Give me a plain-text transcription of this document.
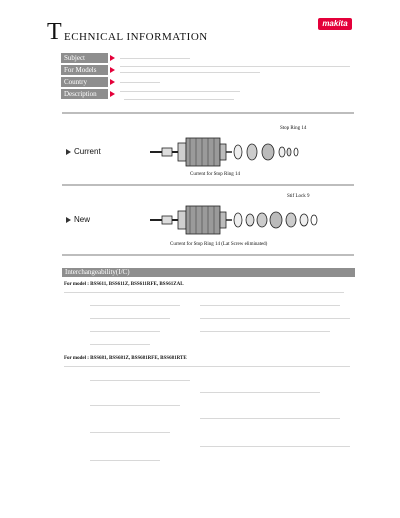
T ECHNICAL INFORMATION
makita
Subject
For Models
Country
Description
Stop Ring 14
Current
Current for Stop Ring 14
Stif Lock 9
New
Current for Stop Ring 14 (Lat Screw eliminated)
Interchangeability(I/C)
For model : BSS611, BSS611Z, BSS611RFE, BSS61ZAL
For model : BSS681, BSS681Z, BSS681RFE, BSS681RTE
